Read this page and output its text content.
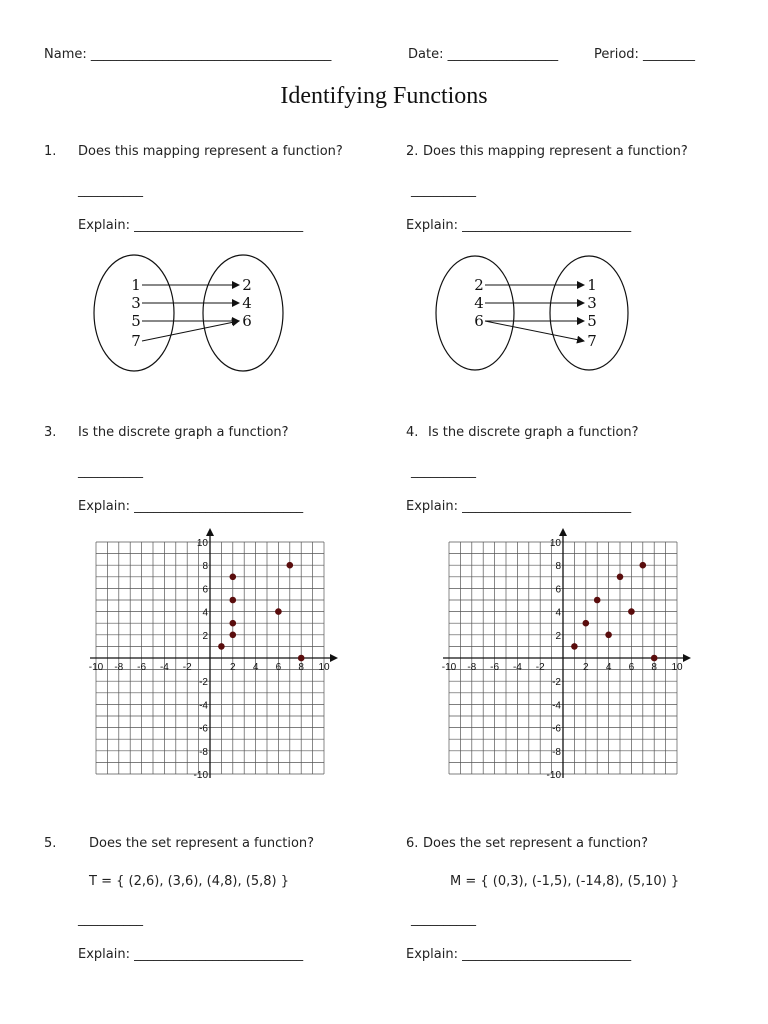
Name: _____________________________________	Date: _________________	Period: ________
Identifying Functions
1. Does this mapping represent a function?
__________
Explain: __________________________
2. Does this mapping represent a function?
__________
Explain: __________________________
1
3
5
7
2
4
6
2
4
6
1
3
5
7
3. Is the discrete graph a function?
__________
Explain: __________________________
4. Is the discrete graph a function?
__________
Explain: __________________________
-10 -8 -6 -4 -2	2 4 6 8 10
10
8
6
4
2
-2
-4
-6
-8
-10
-10 -8 -6 -4 -2	2 4 6 8 10
10
8
6
4
2
-2
-4
-6
-8
-10
5.	Does the set represent a function?
T = { (2,6), (3,6), (4,8), (5,8) }
__________
Explain: __________________________
6. Does the set represent a function?
M = { (0,3), (-1,5), (-14,8), (5,10) }
__________
Explain: __________________________
